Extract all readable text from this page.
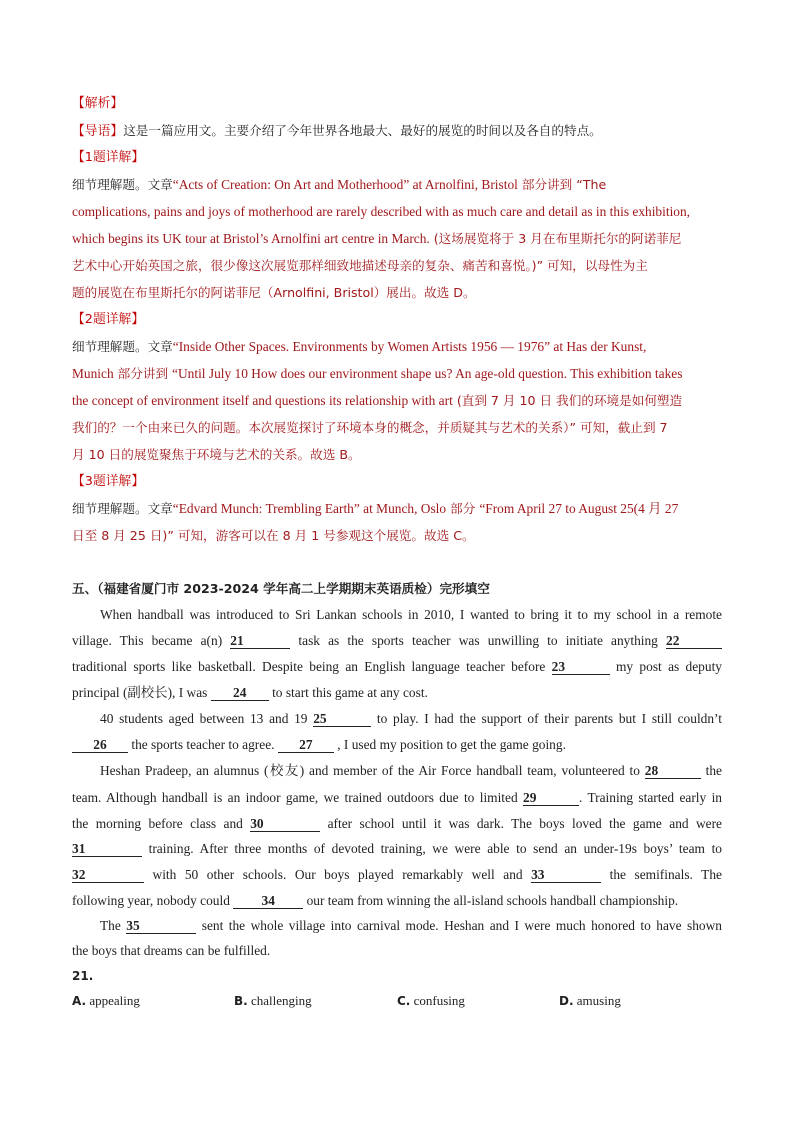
【解析】
【导语】这是一篇应用文。主要介绍了今年世界各地最大、最好的展览的时间以及各自的特点。
【1题详解】
细节理解题。文章“Acts of Creation: On Art and Motherhood” at Arnolfini, Bristol 部分讲到 “The
complications, pains and joys of motherhood are rarely described with as much care and detail as in this exhibition,
which begins its UK tour at Bristol’s Arnolfini art centre in March. (这场展览将于 3 月在布里斯托尔的阿诺菲尼
艺术中心开始英国之旅，很少像这次展览那样细致地描述母亲的复杂、痛苦和喜悦。)” 可知，以母性为主
题的展览在布里斯托尔的阿诺菲尼（Arnolfini, Bristol）展出。故选 D。
【2题详解】
细节理解题。文章“Inside Other Spaces. Environments by Women Artists 1956 — 1976” at Has der Kunst,
Munich 部分讲到 “Until July 10 How does our environment shape us? An age-old question. This exhibition takes
the concept of environment itself and questions its relationship with art (直到 7 月 10 日 我们的环境是如何塑造
我们的？一个由来已久的问题。本次展览探讨了环境本身的概念，并质疑其与艺术的关系）” 可知，截止到 7
月 10 日的展览聚焦于环境与艺术的关系。故选 B。
【3题详解】
细节理解题。文章“Edvard Munch: Trembling Earth” at Munch, Oslo 部分 “From April 27 to August 25(4 月 27
日至 8 月 25 日)” 可知，游客可以在 8 月 1 号参观这个展览。故选 C。
五、（福建省厦门市 2023-2024 学年高二上学期期末英语质检）完形填空
When handball was introduced to Sri Lankan schools in 2010, I wanted to bring it to my school in a remote
village. This became a(n) 21	task as the sports teacher was unwilling to initiate anything 22
traditional sports like basketball. Despite being an English language teacher before 23	my post as deputy
principal (副校长), I was 24 to start this game at any cost.
40 students aged between 13 and 19 25	to play. I had the support of their parents but I still couldn’t
26 the sports teacher to agree. 27 , I used my position to get the game going.
Heshan Pradeep, an alumnus (校友) and member of the Air Force handball team, volunteered to 28	the
team. Although handball is an indoor game, we trained outdoors due to limited 29	. Training started early in
the morning before class and 30	after school until it was dark. The boys loved the game and were
31	training. After three months of devoted training, we were able to send an under-19s boys’ team to
32	with 50 other schools. Our boys played remarkably well and 33	the semifinals. The
following year, nobody could 34 our team from winning the all-island schools handball championship.
The 35	sent the whole village into carnival mode. Heshan and I were much honored to have shown
the boys that dreams can be fulfilled.
21.
A. appealing	B. challenging	C. confusing	D. amusing
